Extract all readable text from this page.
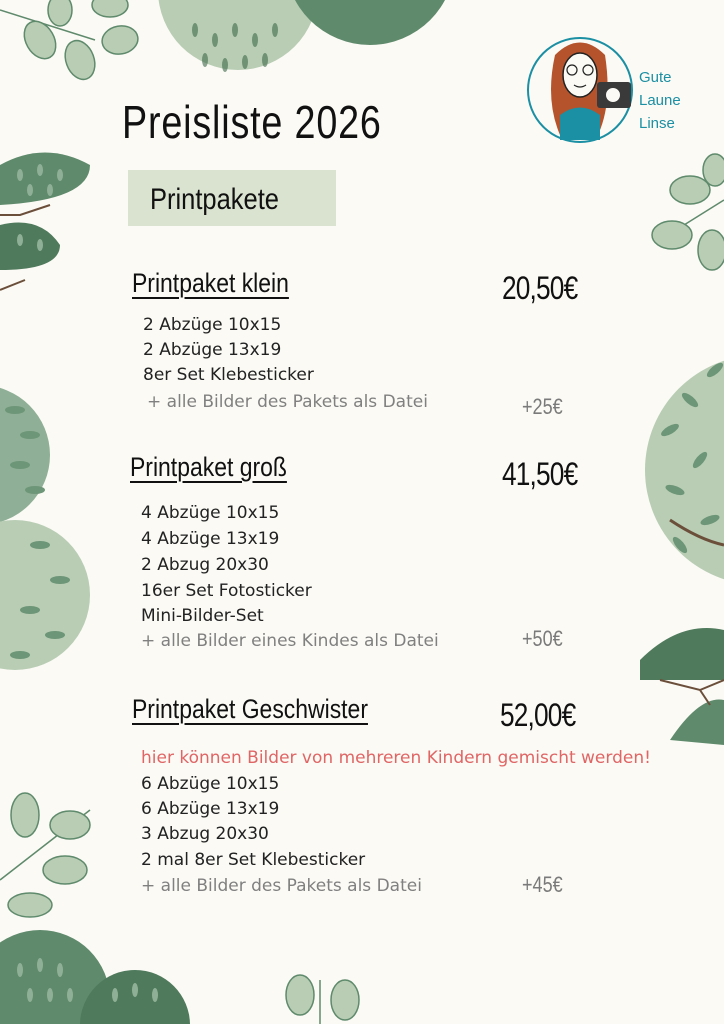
Gute
Laune
Linse
Preisliste 2026
Printpakete
Printpaket klein	20,50€
2 Abzüge 10x15
2 Abzüge 13x19
8er Set Klebesticker
+ alle Bilder des Pakets als Datei	+25€
Printpaket groß	41,50€
4 Abzüge 10x15
4 Abzüge 13x19
2 Abzug 20x30
16er Set Fotosticker
Mini-Bilder-Set
+ alle Bilder eines Kindes als Datei	+50€
Printpaket Geschwister	52,00€
hier können Bilder von mehreren Kindern gemischt werden!
6 Abzüge 10x15
6 Abzüge 13x19
3 Abzug 20x30
2 mal 8er Set Klebesticker
+ alle Bilder des Pakets als Datei	+45€
